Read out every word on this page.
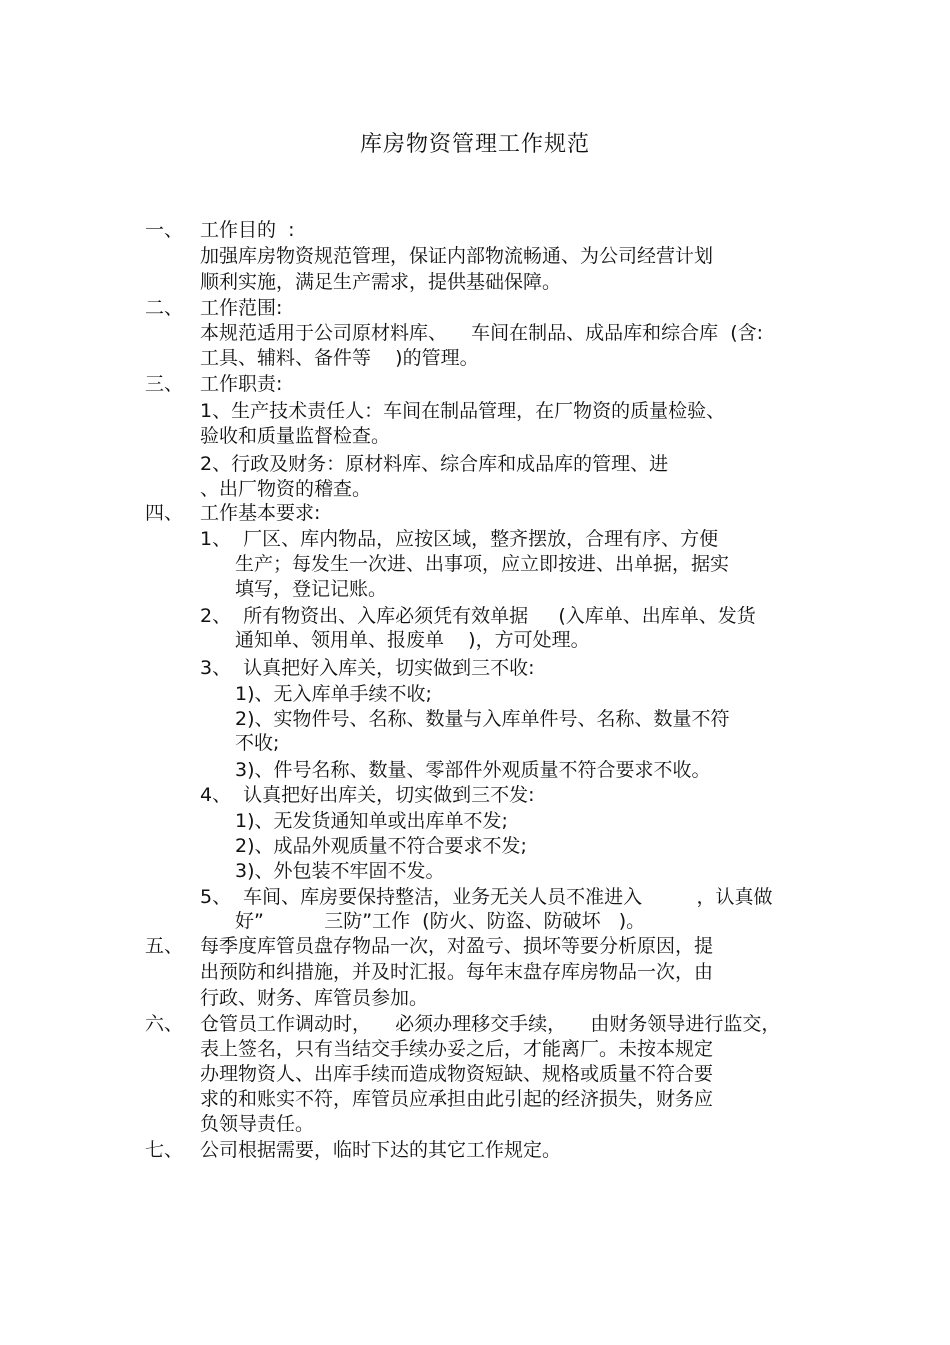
库房物资管理工作规范
一、 工作目的  :

加强库房物资规范管理，保证内部物流畅通、为公司经营计划

顺利实施，满足生产需求，提供基础保障。

二、 工作范围:

本规范适用于公司原材料库、    车间在制品、成品库和综合库  (含:

工具、辅料、备件等    )的管理。

三、 工作职责:

1、生产技术责任人：车间在制品管理，在厂物资的质量检验、

验收和质量监督检查。

2、行政及财务：原材料库、综合库和成品库的管理、进

、出厂物资的稽查。

四、 工作基本要求:

1、  厂区、库内物品，应按区域，整齐摆放，合理有序、方便

生产；每发生一次进、出事项，应立即按进、出单据，据实

填写，登记记账。

2、  所有物资出、入库必须凭有效单据     (入库单、出库单、发货

通知单、领用单、报废单    )，方可处理。

3、  认真把好入库关，切实做到三不收:

1)、无入库单手续不收;

2)、实物件号、名称、数量与入库单件号、名称、数量不符

不收;

3)、件号名称、数量、零部件外观质量不符合要求不收。

4、  认真把好出库关，切实做到三不发:

1)、无发货通知单或出库单不发;

2)、成品外观质量不符合要求不发;

3)、外包装不牢固不发。

5、  车间、库房要保持整洁，业务无关人员不准进入         ，认真做

好”          三防”工作  (防火、防盗、防破坏   )。

五、 每季度库管员盘存物品一次，对盈亏、损坏等要分析原因，提

出预防和纠措施，并及时汇报。每年末盘存库房物品一次，由

行政、财务、库管员参加。

六、 仓管员工作调动时，    必须办理移交手续，    由财务领导进行监交，

表上签名，只有当结交手续办妥之后，才能离厂。未按本规定

办理物资人、出库手续而造成物资短缺、规格或质量不符合要

求的和账实不符，库管员应承担由此引起的经济损失，财务应

负领导责任。

七、 公司根据需要，临时下达的其它工作规定。
